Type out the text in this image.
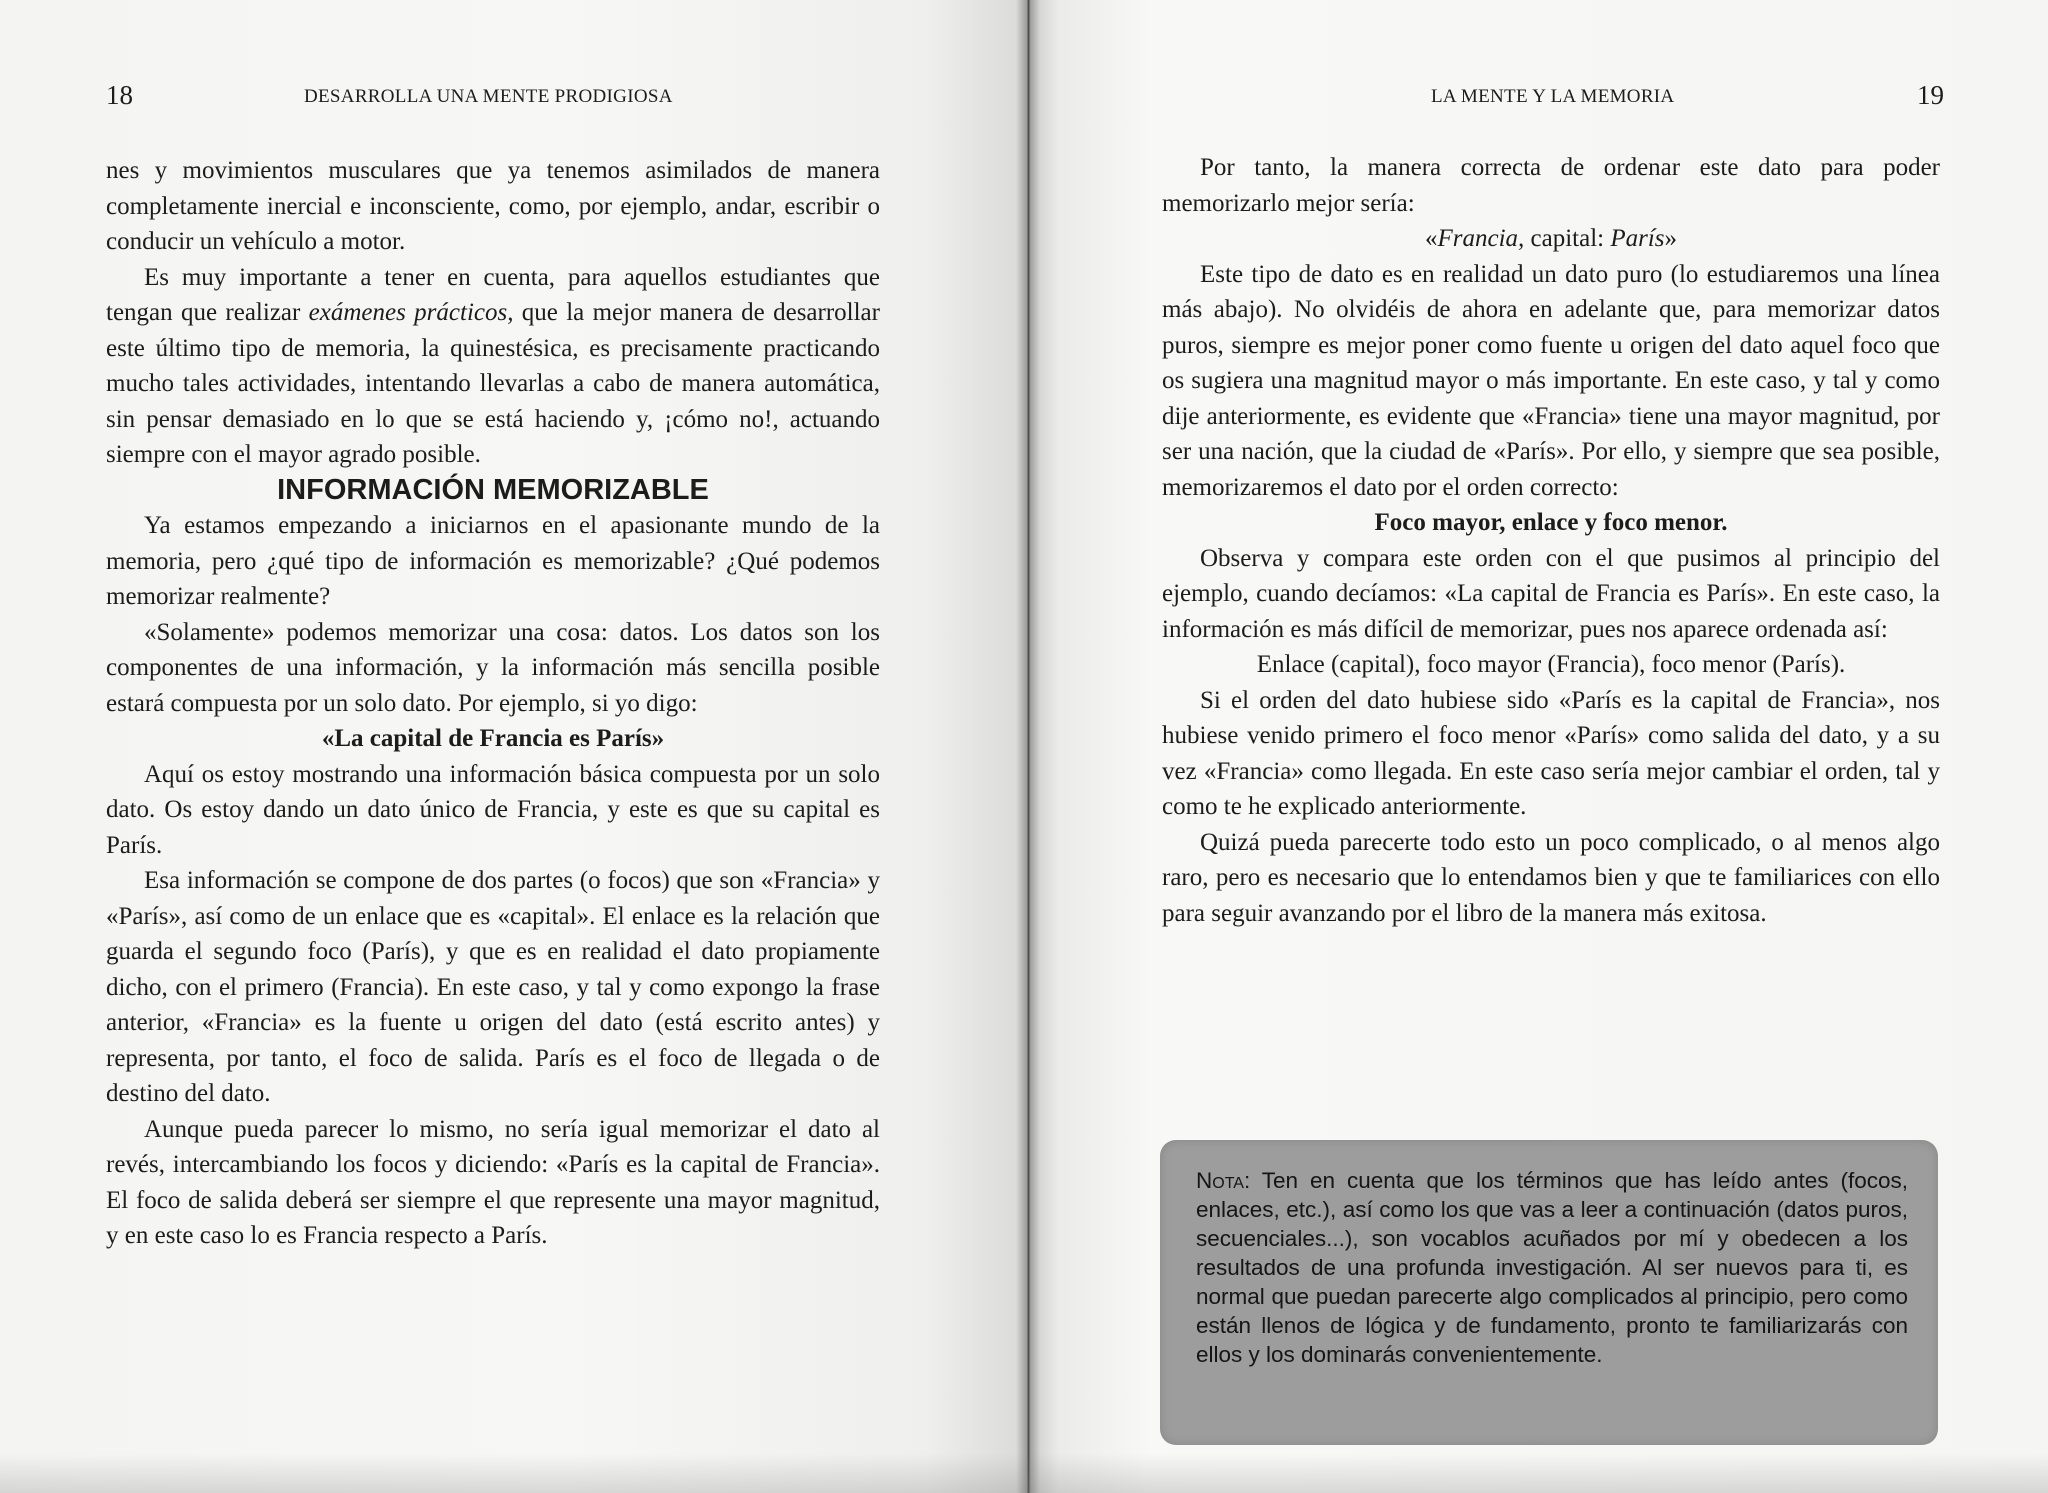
18	DESARROLLA UNA MENTE PRODIGIOSA

nes y movimientos musculares que ya tenemos asimilados de manera completamente inercial e inconsciente, como, por ejemplo, andar, escribir o conducir un vehículo a motor.

Es muy importante a tener en cuenta, para aquellos estudiantes que tengan que realizar exámenes prácticos, que la mejor manera de desarrollar este último tipo de memoria, la quinestésica, es precisamente practicando mucho tales actividades, intentando llevarlas a cabo de manera automática, sin pensar demasiado en lo que se está haciendo y, ¡cómo no!, actuando siempre con el mayor agrado posible.

INFORMACIÓN MEMORIZABLE

Ya estamos empezando a iniciarnos en el apasionante mundo de la memoria, pero ¿qué tipo de información es memorizable? ¿Qué podemos memorizar realmente?

«Solamente» podemos memorizar una cosa: datos. Los datos son los componentes de una información, y la información más sencilla posible estará compuesta por un solo dato. Por ejemplo, si yo digo:

«La capital de Francia es París»

Aquí os estoy mostrando una información básica compuesta por un solo dato. Os estoy dando un dato único de Francia, y este es que su capital es París.

Esa información se compone de dos partes (o focos) que son «Francia» y «París», así como de un enlace que es «capital». El enlace es la relación que guarda el segundo foco (París), y que es en realidad el dato propiamente dicho, con el primero (Francia). En este caso, y tal y como expongo la frase anterior, «Francia» es la fuente u origen del dato (está escrito antes) y representa, por tanto, el foco de salida. París es el foco de llegada o de destino del dato.

Aunque pueda parecer lo mismo, no sería igual memorizar el dato al revés, intercambiando los focos y diciendo: «París es la capital de Francia». El foco de salida deberá ser siempre el que represente una mayor magnitud, y en este caso lo es Francia respecto a París.

LA MENTE Y LA MEMORIA	19

Por tanto, la manera correcta de ordenar este dato para poder memorizarlo mejor sería:

«Francia, capital: París»

Este tipo de dato es en realidad un dato puro (lo estudiaremos una línea más abajo). No olvidéis de ahora en adelante que, para memorizar datos puros, siempre es mejor poner como fuente u origen del dato aquel foco que os sugiera una magnitud mayor o más importante. En este caso, y tal y como dije anteriormente, es evidente que «Francia» tiene una mayor magnitud, por ser una nación, que la ciudad de «París». Por ello, y siempre que sea posible, memorizaremos el dato por el orden correcto:

Foco mayor, enlace y foco menor.

Observa y compara este orden con el que pusimos al principio del ejemplo, cuando decíamos: «La capital de Francia es París». En este caso, la información es más difícil de memorizar, pues nos aparece ordenada así:

Enlace (capital), foco mayor (Francia), foco menor (París).

Si el orden del dato hubiese sido «París es la capital de Francia», nos hubiese venido primero el foco menor «París» como salida del dato, y a su vez «Francia» como llegada. En este caso sería mejor cambiar el orden, tal y como te he explicado anteriormente.

Quizá pueda parecerte todo esto un poco complicado, o al menos algo raro, pero es necesario que lo entendamos bien y que te familiarices con ello para seguir avanzando por el libro de la manera más exitosa.

Nota: Ten en cuenta que los términos que has leído antes (focos, enlaces, etc.), así como los que vas a leer a continuación (datos puros, secuenciales...), son vocablos acuñados por mí y obedecen a los resultados de una profunda investigación. Al ser nuevos para ti, es normal que puedan parecerte algo complicados al principio, pero como están llenos de lógica y de fundamento, pronto te familiarizarás con ellos y los dominarás convenientemente.
